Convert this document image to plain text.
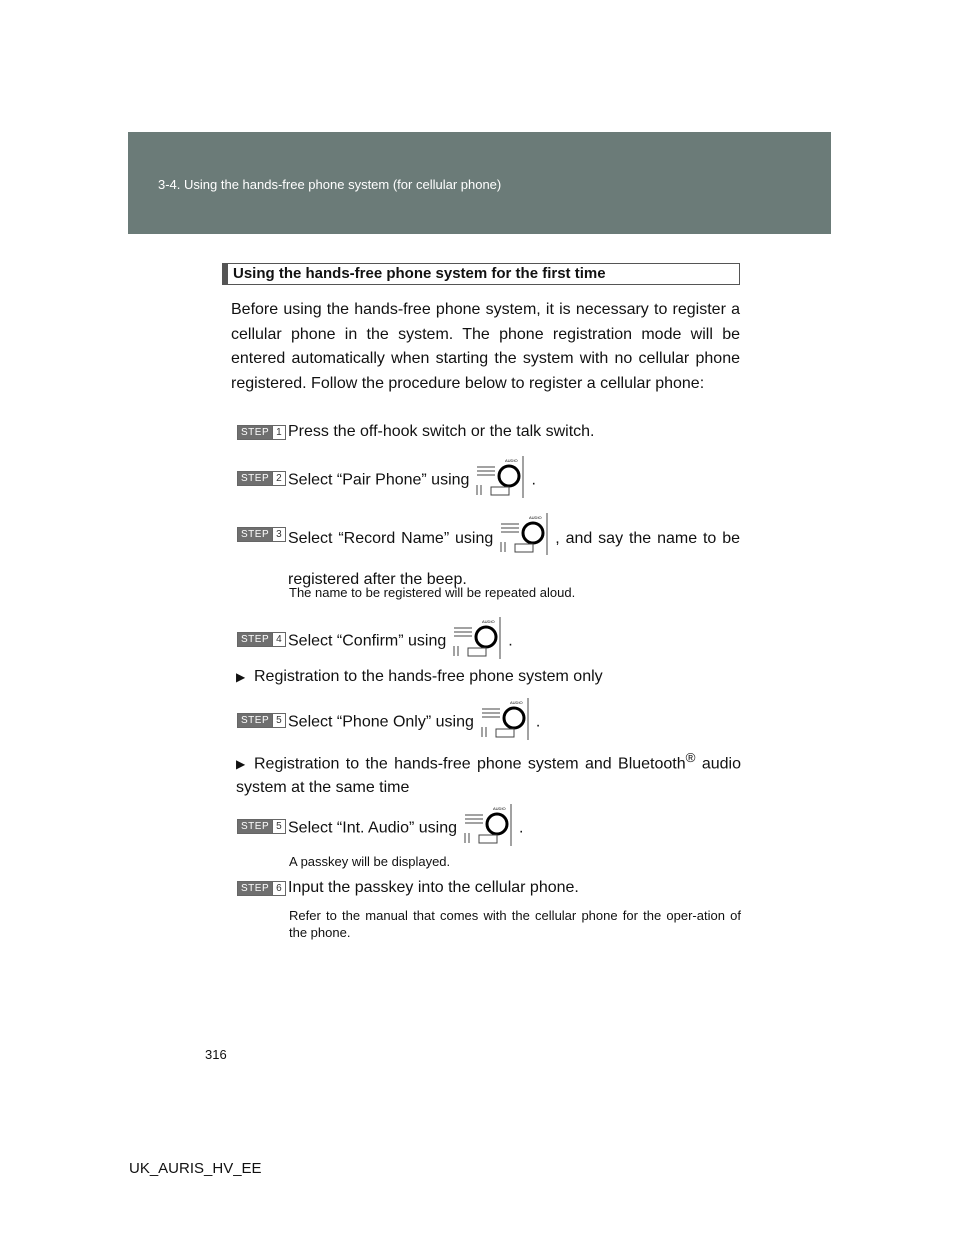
3-4. Using the hands-free phone system (for cellular phone)
Using the hands-free phone system for the first time

Before using the hands-free phone system, it is necessary to register a cellular phone in the system. The phone registration mode will be entered automatically when starting the system with no cellular phone registered. Follow the procedure below to register a cellular phone:

STEP 1 Press the off-hook switch or the talk switch.
STEP 2 Select “Pair Phone” using
AUDIO
.
STEP 3 Select “Record Name” using
AUDIO
, and say the name to be registered after the beep.
The name to be registered will be repeated aloud.
STEP 4 Select “Confirm” using
AUDIO
.
▶ Registration to the hands-free phone system only
STEP 5 Select “Phone Only” using
AUDIO
.
▶ Registration to the hands-free phone system and Bluetooth® audio system at the same time
STEP 5 Select “Int. Audio” using
AUDIO
.
A passkey will be displayed.
STEP 6 Input the passkey into the cellular phone.
Refer to the manual that comes with the cellular phone for the oper-ation of the phone.
316
UK_AURIS_HV_EE
